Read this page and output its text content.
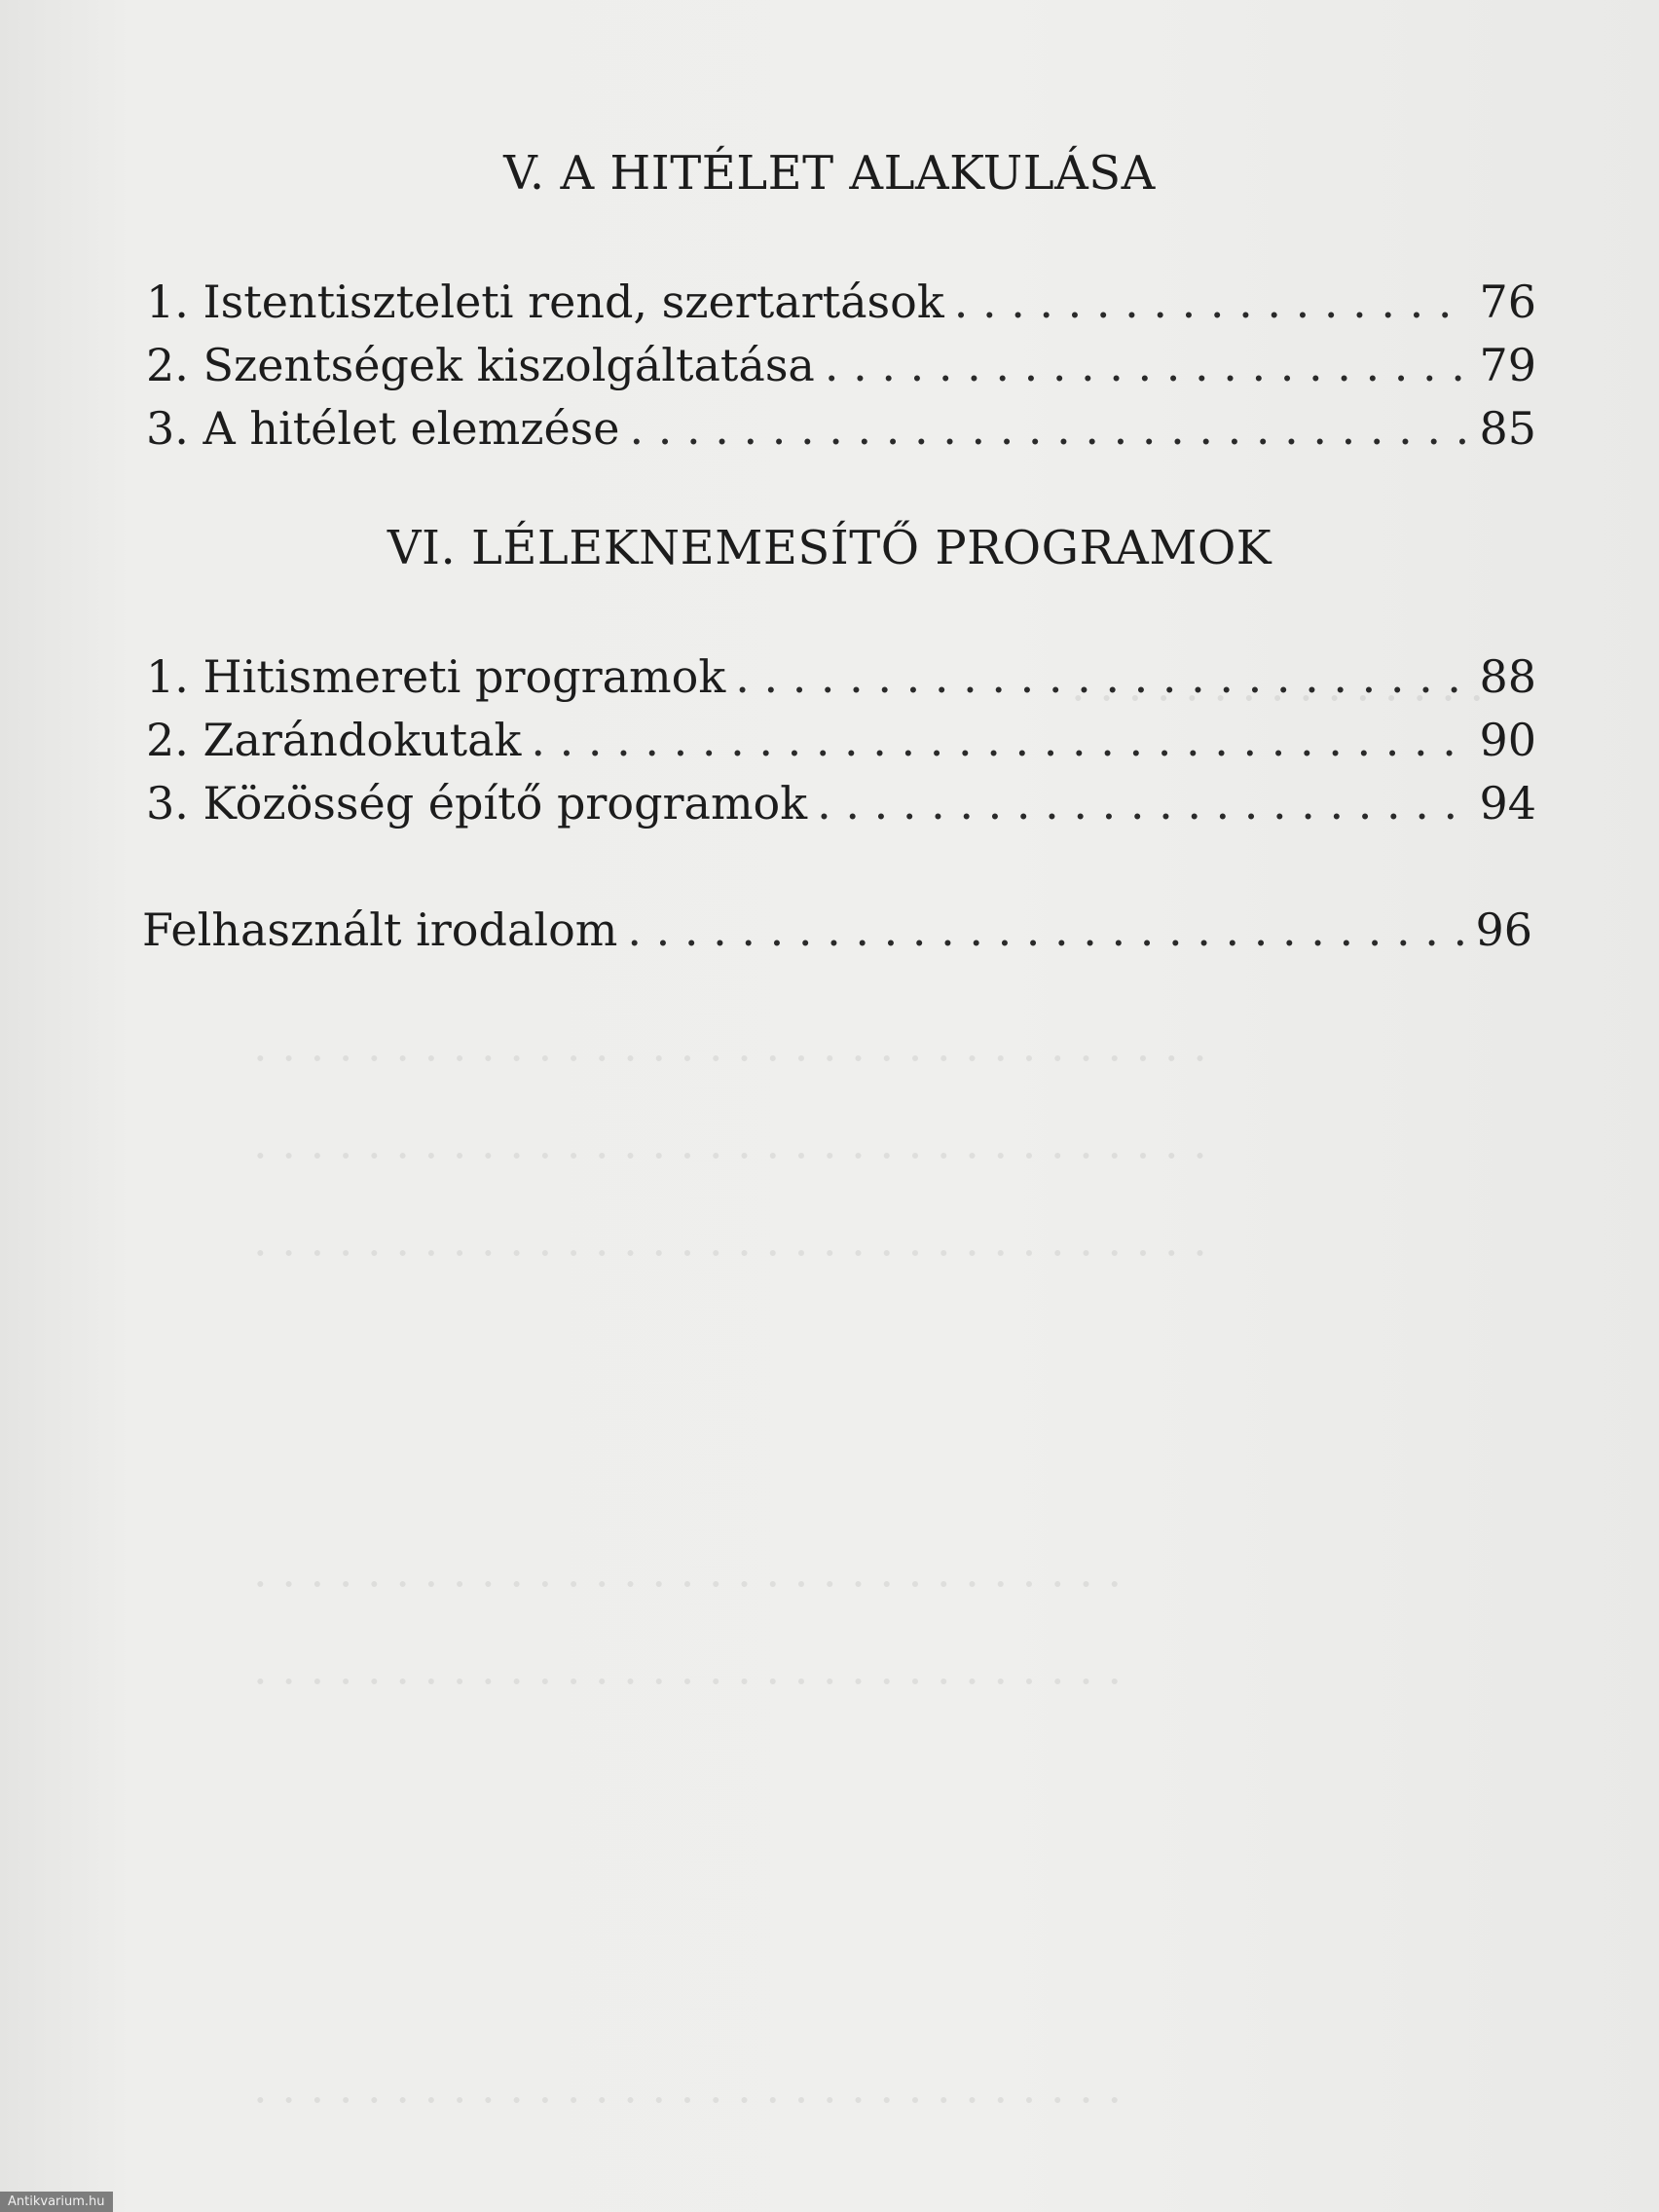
· · · · · · · · · · · · · · ·
· · · · · · · · · · · · · · · · · · · · · · · · · · · · · · · · · ·
· · · · · · · · · · · · · · · · · · · · · · · · · · · · · · · · · ·
· · · · · · · · · · · · · · · · · · · · · · · · · · · · · · · · · ·
· · · · · · · · · · · · · · · · · · · · · · · · · · · · · · ·
· · · · · · · · · · · · · · · · · · · · · · · · · · · · · · ·
· · · · · · · · · · · · · · · · · · · · · · · · · · · · · · ·
V. A HITÉLET ALAKULÁSA
1. Istentiszteleti rend, szertartások . . .	76
2. Szentségek kiszolgáltatása . . .	79
3. A hitélet elemzése . . .	85
VI. LÉLEKNEMESÍTŐ PROGRAMOK
1. Hitismereti programok . . .	88
2. Zarándokutak . . .	90
3. Közösség építő programok . . .	94
Felhasznált irodalom . . .	96
Antikvarium.hu
